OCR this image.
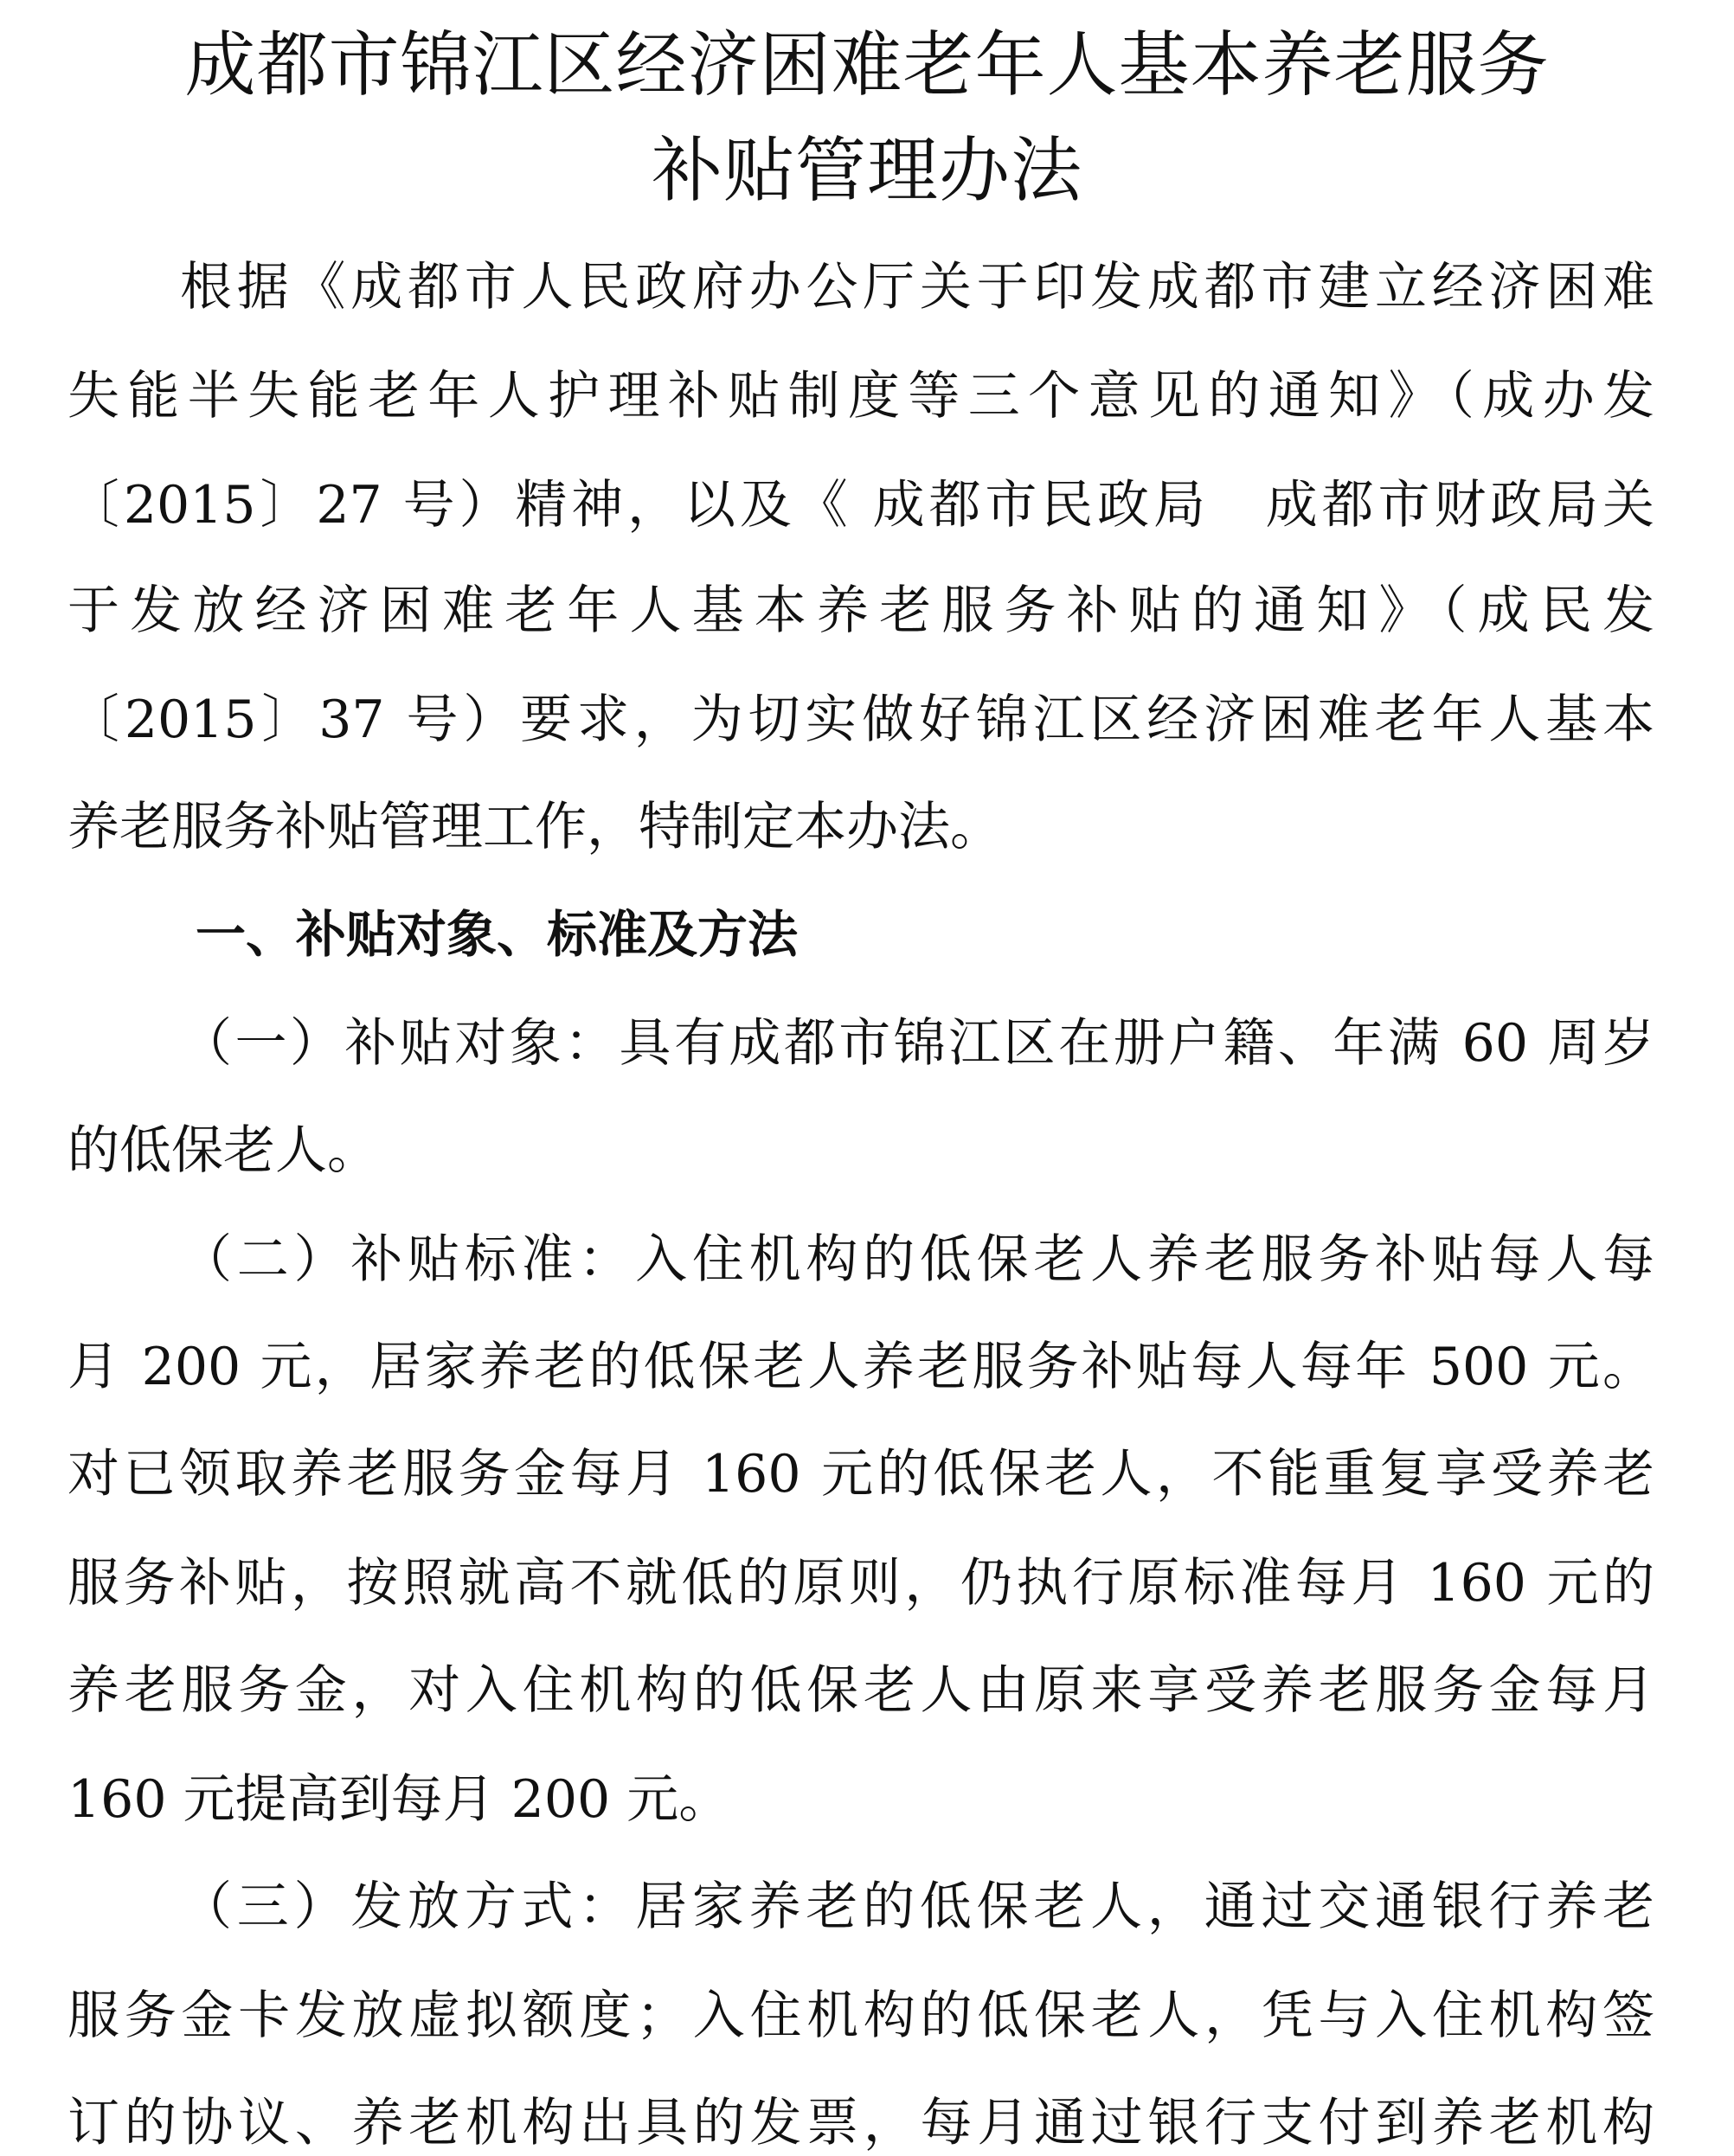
成都市锦江区经济困难老年人基本养老服务
补贴管理办法

根据《成都市人民政府办公厅关于印发成都市建立经济困难

失能半失能老年人护理补贴制度等三个意见的通知》（成办发

〔2015〕27 号）精神，以及《 成都市民政局　成都市财政局关

于发放经济困难老年人基本养老服务补贴的通知》（成民发

〔2015〕37 号）要求，为切实做好锦江区经济困难老年人基本

养老服务补贴管理工作，特制定本办法。

一、补贴对象、标准及方法

（一）补贴对象：具有成都市锦江区在册户籍、年满 60 周岁

的低保老人。

（二）补贴标准：入住机构的低保老人养老服务补贴每人每

月 200 元，居家养老的低保老人养老服务补贴每人每年 500 元。

对已领取养老服务金每月 160 元的低保老人，不能重复享受养老

服务补贴，按照就高不就低的原则，仍执行原标准每月 160 元的

养老服务金，对入住机构的低保老人由原来享受养老服务金每月

160 元提高到每月 200 元。

（三）发放方式：居家养老的低保老人，通过交通银行养老

服务金卡发放虚拟额度；入住机构的低保老人，凭与入住机构签

订的协议、养老机构出具的发票，每月通过银行支付到养老机构
